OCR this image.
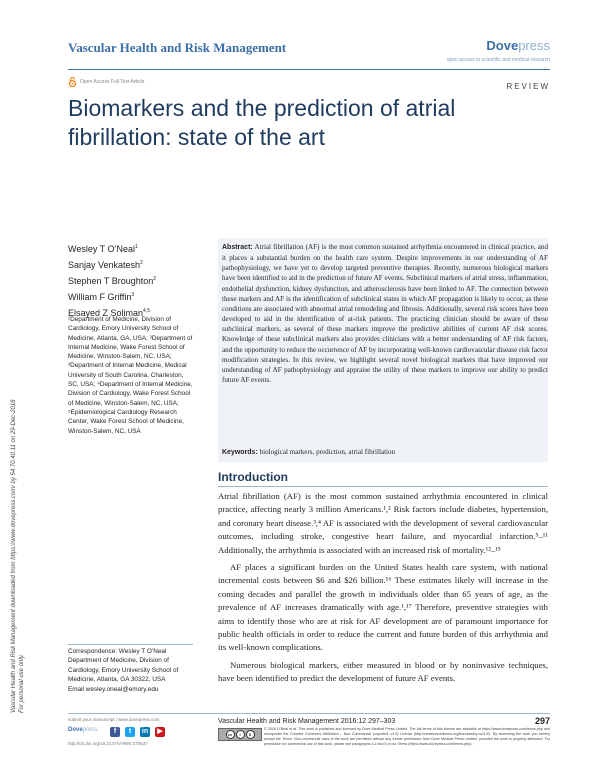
Vascular Health and Risk Management	Dovepress
open access to scientific and medical research
Open Access Full Text Article	REVIEW
Biomarkers and the prediction of atrial fibrillation: state of the art
Vascular Health and Risk Management downloaded from https://www.dovepress.com/ by 54.70.40.11 on 29-Dec-2018 For personal use only.
Wesley T O’Neal$^1$
Sanjay Venkatesh$^2$
Stephen T Broughton$^2$
William F Griffin$^3$
Elsayed Z Soliman$^{4,5}$

¹Department of Medicine, Division of Cardiology, Emory University School of Medicine, Atlanta, GA, USA; ²Department of Internal Medicine, Wake Forest School of Medicine, Winston-Salem, NC, USA;

³Department of Internal Medicine, Medical University of South Carolina, Charleston, SC, USA; ⁴Department of Internal Medicine, Division of Cardiology, Wake Forest School of Medicine, Winston-Salem, NC, USA;

⁵Epidemiological Cardiology Research Center, Wake Forest School of Medicine, Winston-Salem, NC, USA

Abstract: Atrial fibrillation (AF) is the most common sustained arrhythmia encountered in clinical practice, and it places a substantial burden on the health care system. Despite improvements in our understanding of AF pathophysiology, we have yet to develop targeted preventive therapies. Recently, numerous biological markers have been identified to aid in the prediction of future AF events. Subclinical markers of atrial stress, inflammation, endothelial dysfunction, kidney dysfunction, and atherosclerosis have been linked to AF. The connection between these markers and AF is the identification of subclinical states in which AF propagation is likely to occur, as these conditions are associated with abnormal atrial remodeling and fibrosis. Additionally, several risk scores have been developed to aid in the identification of at-risk patients. The practicing clinician should be aware of these subclinical markers, as several of these markers improve the predictive abilities of current AF risk scores. Knowledge of these subclinical markers also provides clinicians with a better understanding of AF risk factors, and the opportunity to reduce the occurrence of AF by incorporating well-known cardiovascular disease risk factor modification strategies. In this review, we highlight several novel biological markers that have improved our understanding of AF pathophysiology and appraise the utility of these markers to improve our ability to predict future AF events.
Keywords: biological markers, prediction, atrial fibrillation
Introduction

Atrial fibrillation (AF) is the most common sustained arrhythmia encountered in clinical practice, affecting nearly 3 million Americans.¹,² Risk factors include diabetes, hypertension, and coronary heart disease.³,⁴ AF is associated with the development of several cardiovascular outcomes, including stroke, congestive heart failure, and myocardial infarction.⁵–¹¹ Additionally, the arrhythmia is associated with an increased risk of mortality.¹²–¹⁵

AF places a significant burden on the United States health care system, with national incremental costs between $6 and $26 billion.¹⁶ These estimates likely will increase in the coming decades and parallel the growth in individuals older than 65 years of age, as the prevalence of AF increases dramatically with age.¹,¹⁷ Therefore, preventive strategies with aims to identify those who are at risk for AF development are of paramount importance for public health officials in order to reduce the current and future burden of this arrhythmia and its well-known complications.

Numerous biological markers, either measured in blood or by noninvasive techniques, have been identified to predict the development of future AF events.

Correspondence: Wesley T O’Neal

Department of Medicine, Division of

Cardiology, Emory University School of

Medicine, Atlanta, GA 30322, USA

Email wesley.oneal@emory.edu

submit your manuscript | www.dovepress.com
Dovepress	f	t	in	▶
http://dx.doi.org/10.2147/VHRM.S75537
Vascular Health and Risk Management 2016:12 297–303	297
cc	i	$
© 2016 O’Neal et al. This work is published and licensed by Dove Medical Press Limited. The full terms of this license are available at https://www.dovepress.com/terms.php and incorporate the Creative Commons Attribution – Non Commercial (unported, v3.0) License (http://creativecommons.org/licenses/by-nc/3.0/). By accessing the work you hereby accept the Terms. Non-commercial uses of the work are permitted without any further permission from Dove Medical Press Limited, provided the work is properly attributed. For permission for commercial use of this work, please see paragraphs 4.2 and 5 of our Terms (https://www.dovepress.com/terms.php).
